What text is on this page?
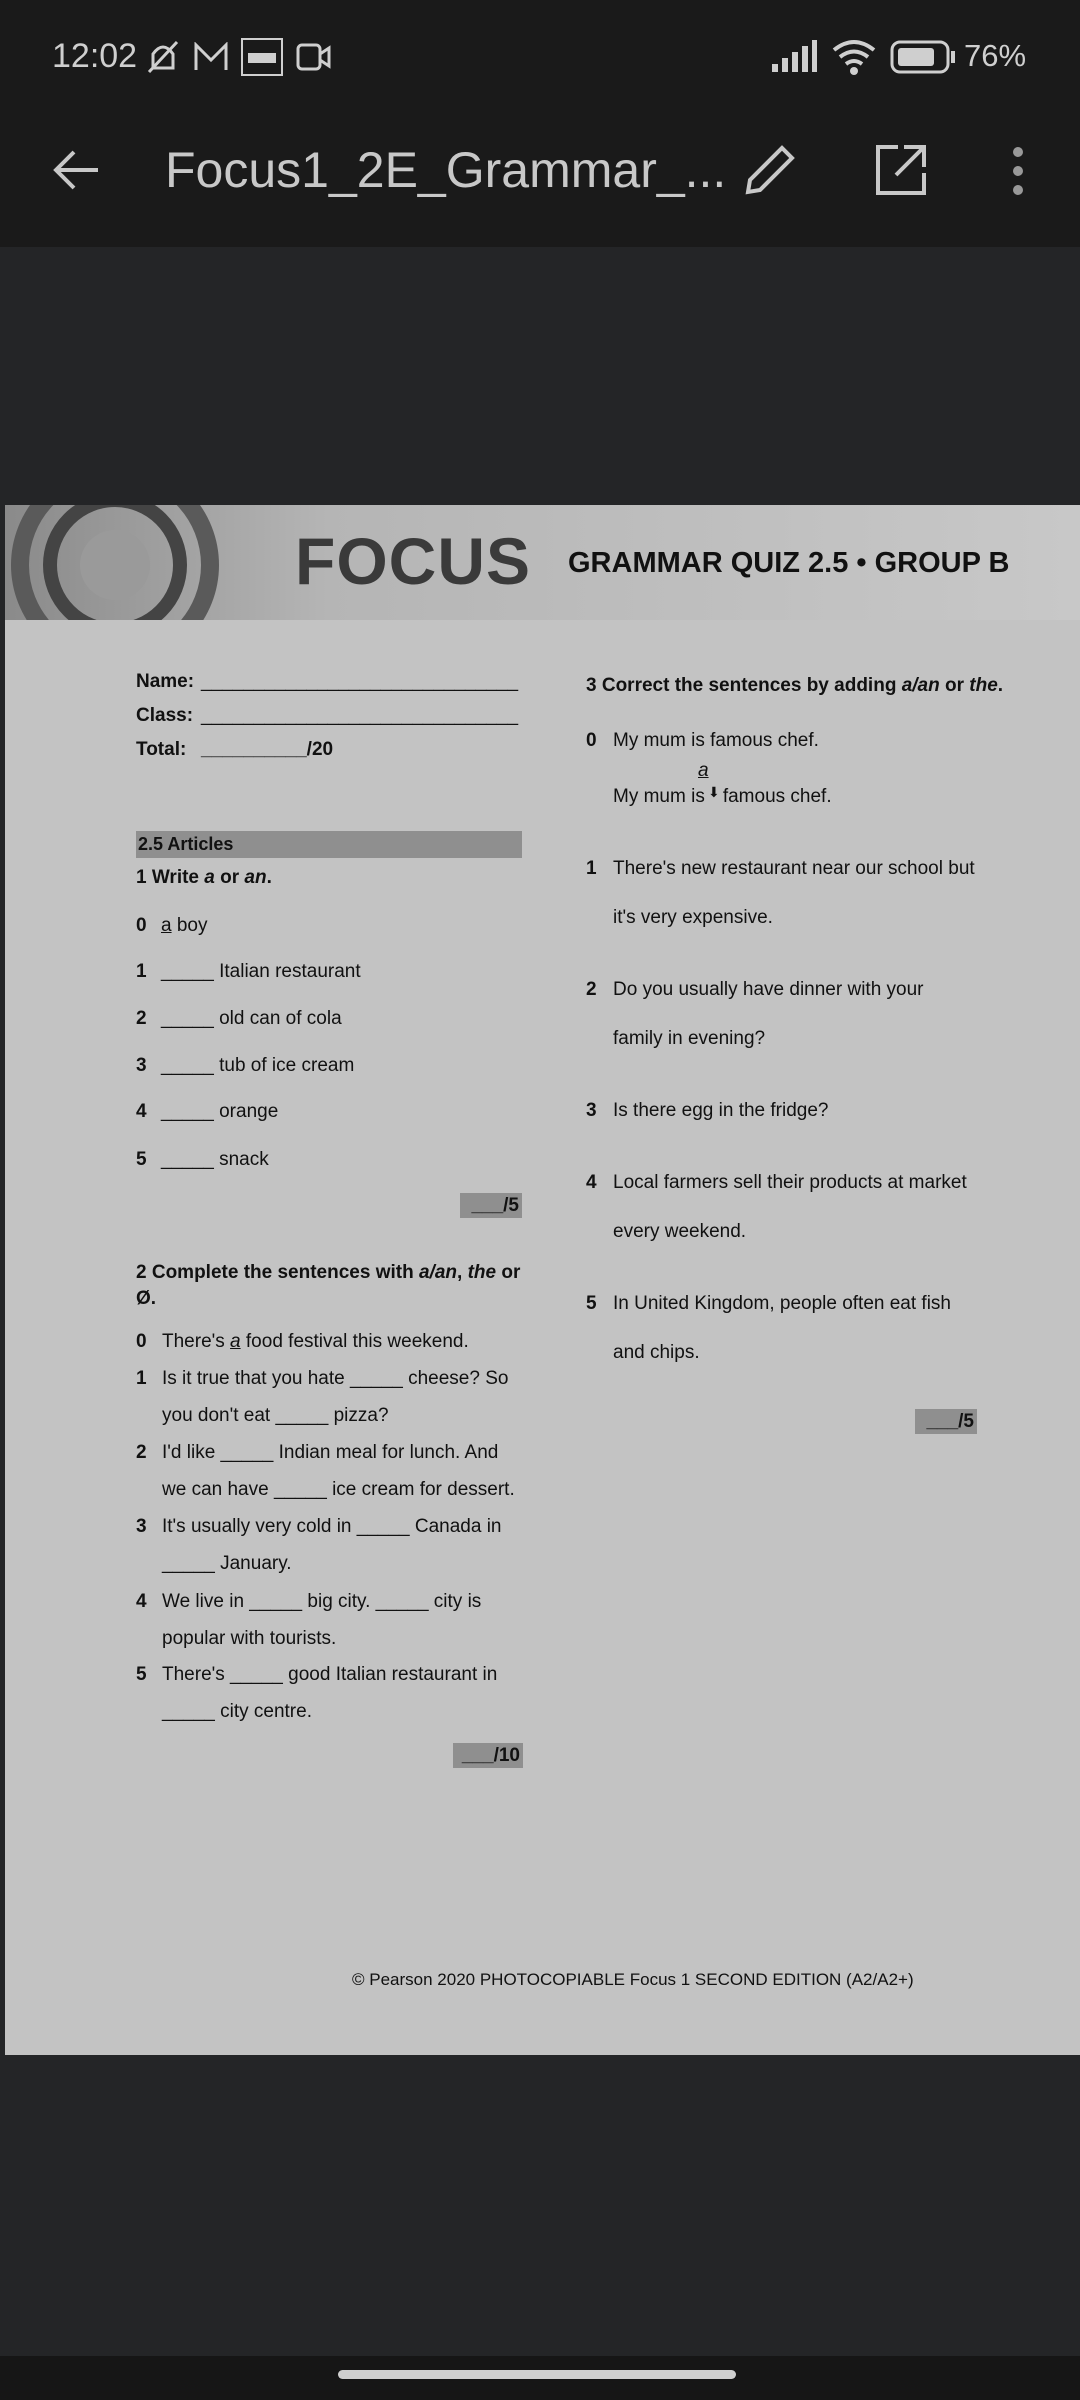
12:02	76%
Focus1_2E_Grammar_...
FOCUS GRAMMAR QUIZ 2.5 • GROUP B
Name: ______________________________
Class: ______________________________
Total: __________/20
2.5 Articles
1 Write a or an.
0 a boy
1 _____ Italian restaurant
2 _____ old can of cola
3 _____ tub of ice cream
4 _____ orange
5 _____ snack
___/5
2 Complete the sentences with a/an, the or
Ø.
0 There's a food festival this weekend.
1 Is it true that you hate _____ cheese? So
you don't eat _____ pizza?
2 I'd like _____ Indian meal for lunch. And
we can have _____ ice cream for dessert.
3 It's usually very cold in _____ Canada in
_____ January.
4 We live in _____ big city. _____ city is
popular with tourists.
5 There's _____ good Italian restaurant in
_____ city centre.
___/10
3 Correct the sentences by adding a/an or the.
0 My mum is famous chef.
a
My mum is ⬇ famous chef.
1 There's new restaurant near our school but
it's very expensive.
2 Do you usually have dinner with your
family in evening?
3 Is there egg in the fridge?
4 Local farmers sell their products at market
every weekend.
5 In United Kingdom, people often eat fish
and chips.
___/5
© Pearson 2020 PHOTOCOPIABLE Focus 1 SECOND EDITION (A2/A2+)
